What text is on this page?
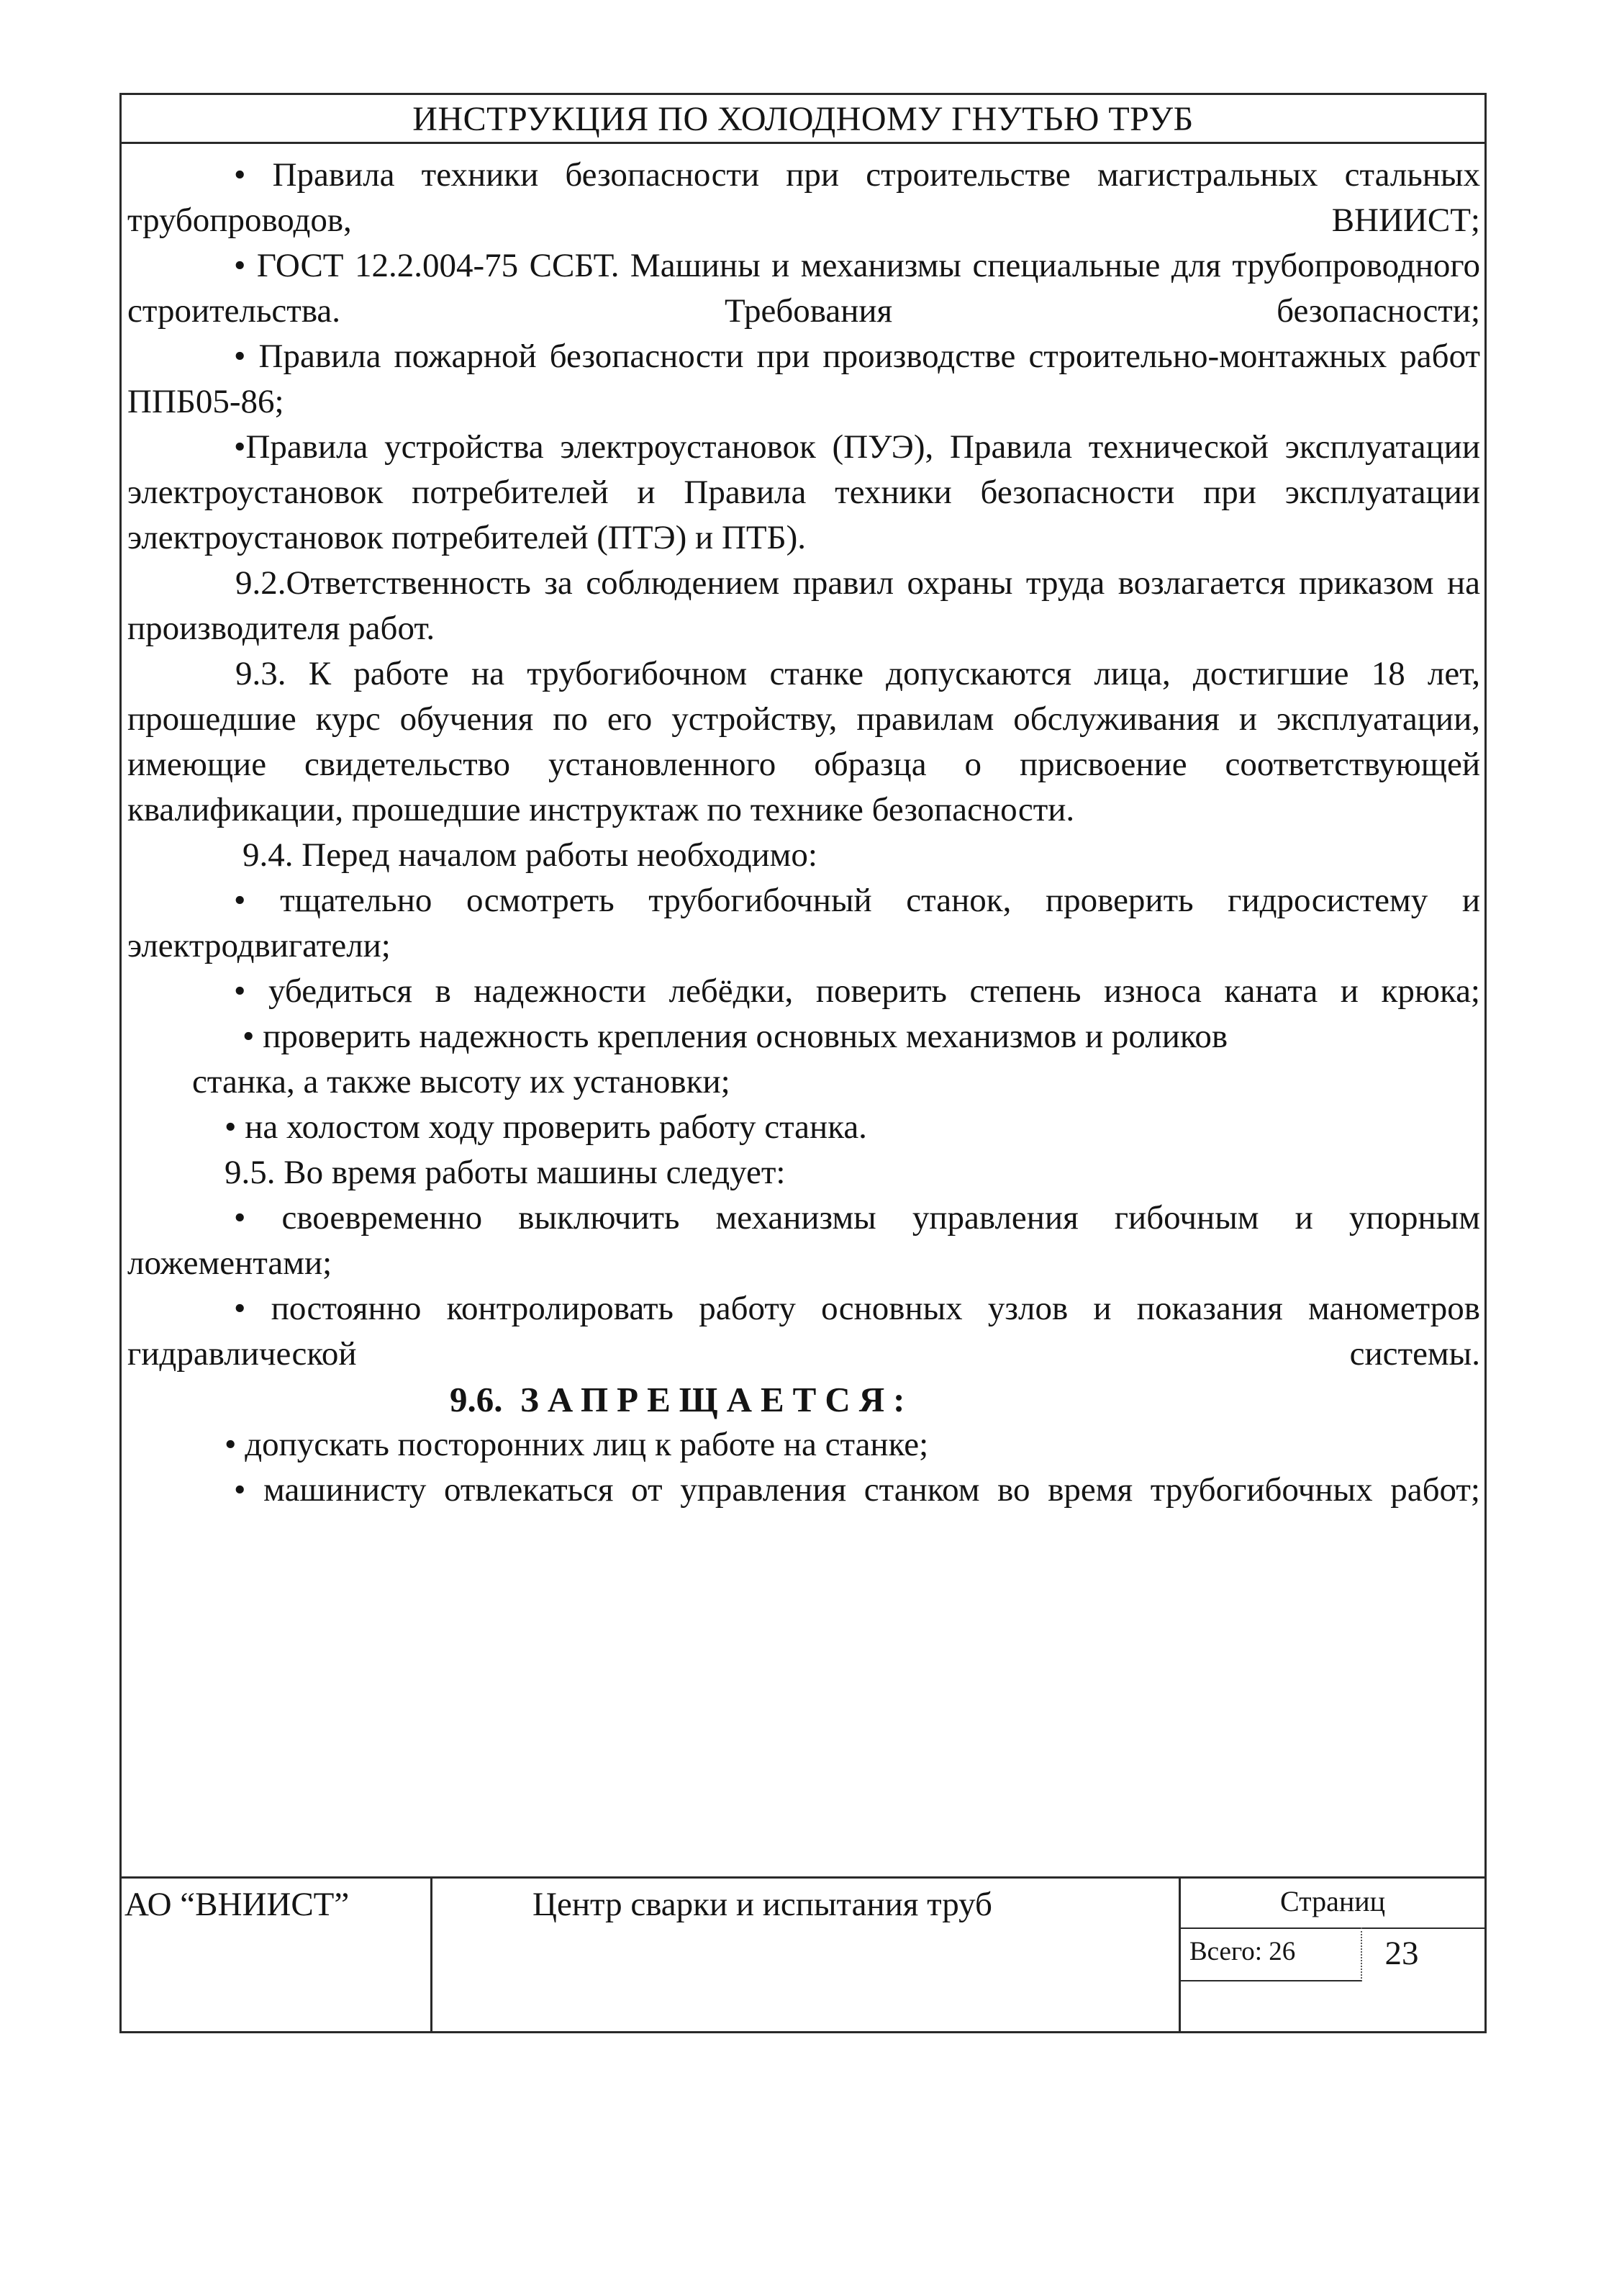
ИНСТРУКЦИЯ ПО ХОЛОДНОМУ ГНУТЬЮ ТРУБ

• Правила техники безопасности при строительстве магистральных стальных трубопроводов, ВНИИСТ;

• ГОСТ 12.2.004-75 ССБТ. Машины и механизмы специальные для трубопроводного строительства. Требования безопасности;

• Правила пожарной безопасности при производстве строительно-монтажных работ ППБ05-86;

•Правила устройства электроустановок (ПУЭ), Правила технической эксплуатации электроустановок потребителей и Правила техники безопасности при эксплуатации электроустановок потребителей (ПТЭ) и ПТБ).

9.2.Ответственность за соблюдением правил охраны труда возлагается приказом на производителя работ.

9.3. К работе на трубогибочном станке допускаются лица, достигшие 18 лет, прошедшие курс обучения по его устройству, правилам обслуживания и эксплуатации, имеющие свидетельство установленного образца о присвоение соответствующей квалификации, прошедшие инструктаж по технике безопасности.

9.4. Перед началом работы необходимо:

• тщательно осмотреть трубогибочный станок, проверить гидросистему и электродвигатели;

• убедиться в надежности лебёдки, поверить степень износа каната и крюка;

• проверить надежность крепления основных механизмов и роликов

станка, а также высоту их установки;

• на холостом ходу проверить работу станка.

9.5. Во время работы машины следует:

• своевременно выключить механизмы управления гибочным и упорным ложементами;

• постоянно контролировать работу основных узлов и показания манометров гидравлической системы.

9.6. ЗАПРЕЩАЕТСЯ:

• допускать посторонних лиц к работе на станке;

• машинисту отвлекаться от управления станком во время трубогибочных работ;

АО “ВНИИСТ”	Центр сварки и испытания труб	Страниц
Всего: 26	23
